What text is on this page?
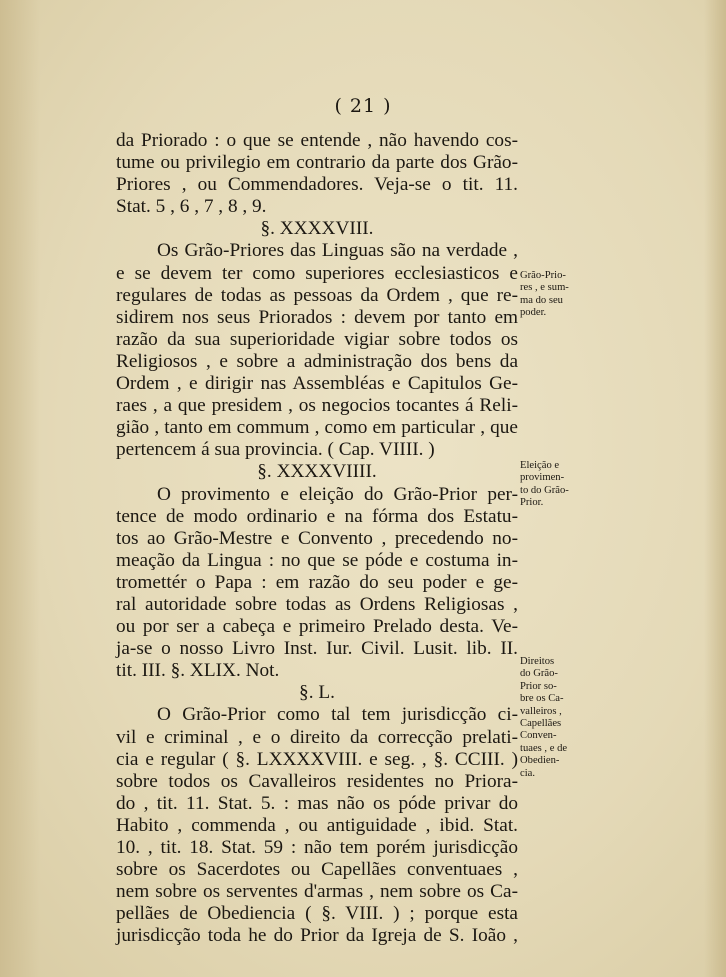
( 21 )
da Priorado : o que se entende , não havendo cos-
tume ou privilegio em contrario da parte dos Grão-
Priores , ou Commendadores. Veja-se o tit. 11.
Stat. 5 , 6 , 7 , 8 , 9.
§. XXXXVIII.
Os Grão-Priores das Linguas são na verdade ,
e se devem ter como superiores ecclesiasticos e
regulares de todas as pessoas da Ordem , que re-
sidirem nos seus Priorados : devem por tanto em
razão da sua superioridade vigiar sobre todos os
Religiosos , e sobre a administração dos bens da
Ordem , e dirigir nas Assembléas e Capitulos Ge-
raes , a que presidem , os negocios tocantes á Reli-
gião , tanto em commum , como em particular , que
pertencem á sua provincia. ( Cap. VIIII. )
§. XXXXVIIII.
O provimento e eleição do Grão-Prior per-
tence de modo ordinario e na fórma dos Estatu-
tos ao Grão-Mestre e Convento , precedendo no-
meação da Lingua : no que se póde e costuma in-
tromettér o Papa : em razão do seu poder e ge-
ral autoridade sobre todas as Ordens Religiosas ,
ou por ser a cabeça e primeiro Prelado desta. Ve-
ja-se o nosso Livro Inst. Iur. Civil. Lusit. lib. II.
tit. III. §. XLIX. Not.
§. L.
O Grão-Prior como tal tem jurisdicção ci-
vil e criminal , e o direito da correcção prelati-
cia e regular ( §. LXXXXVIII. e seg. , §. CCIII. )
sobre todos os Cavalleiros residentes no Priora-
do , tit. 11. Stat. 5. : mas não os póde privar do
Habito , commenda , ou antiguidade , ibid. Stat.
10. , tit. 18. Stat. 59 : não tem porém jurisdicção
sobre os Sacerdotes ou Capellães conventuaes ,
nem sobre os serventes d'armas , nem sobre os Ca-
pellães de Obediencia ( §. VIII. ) ; porque esta
jurisdicção toda he do Prior da Igreja de S. Ioão ,
Grão-Prio-
res , e sum-
ma do seu
poder.
Eleição e
provimen-
to do Grão-
Prior.
Direitos
do Grão-
Prior so-
bre os Ca-
valleiros ,
Capellães
Conven-
tuaes , e de
Obedien-
cia.
